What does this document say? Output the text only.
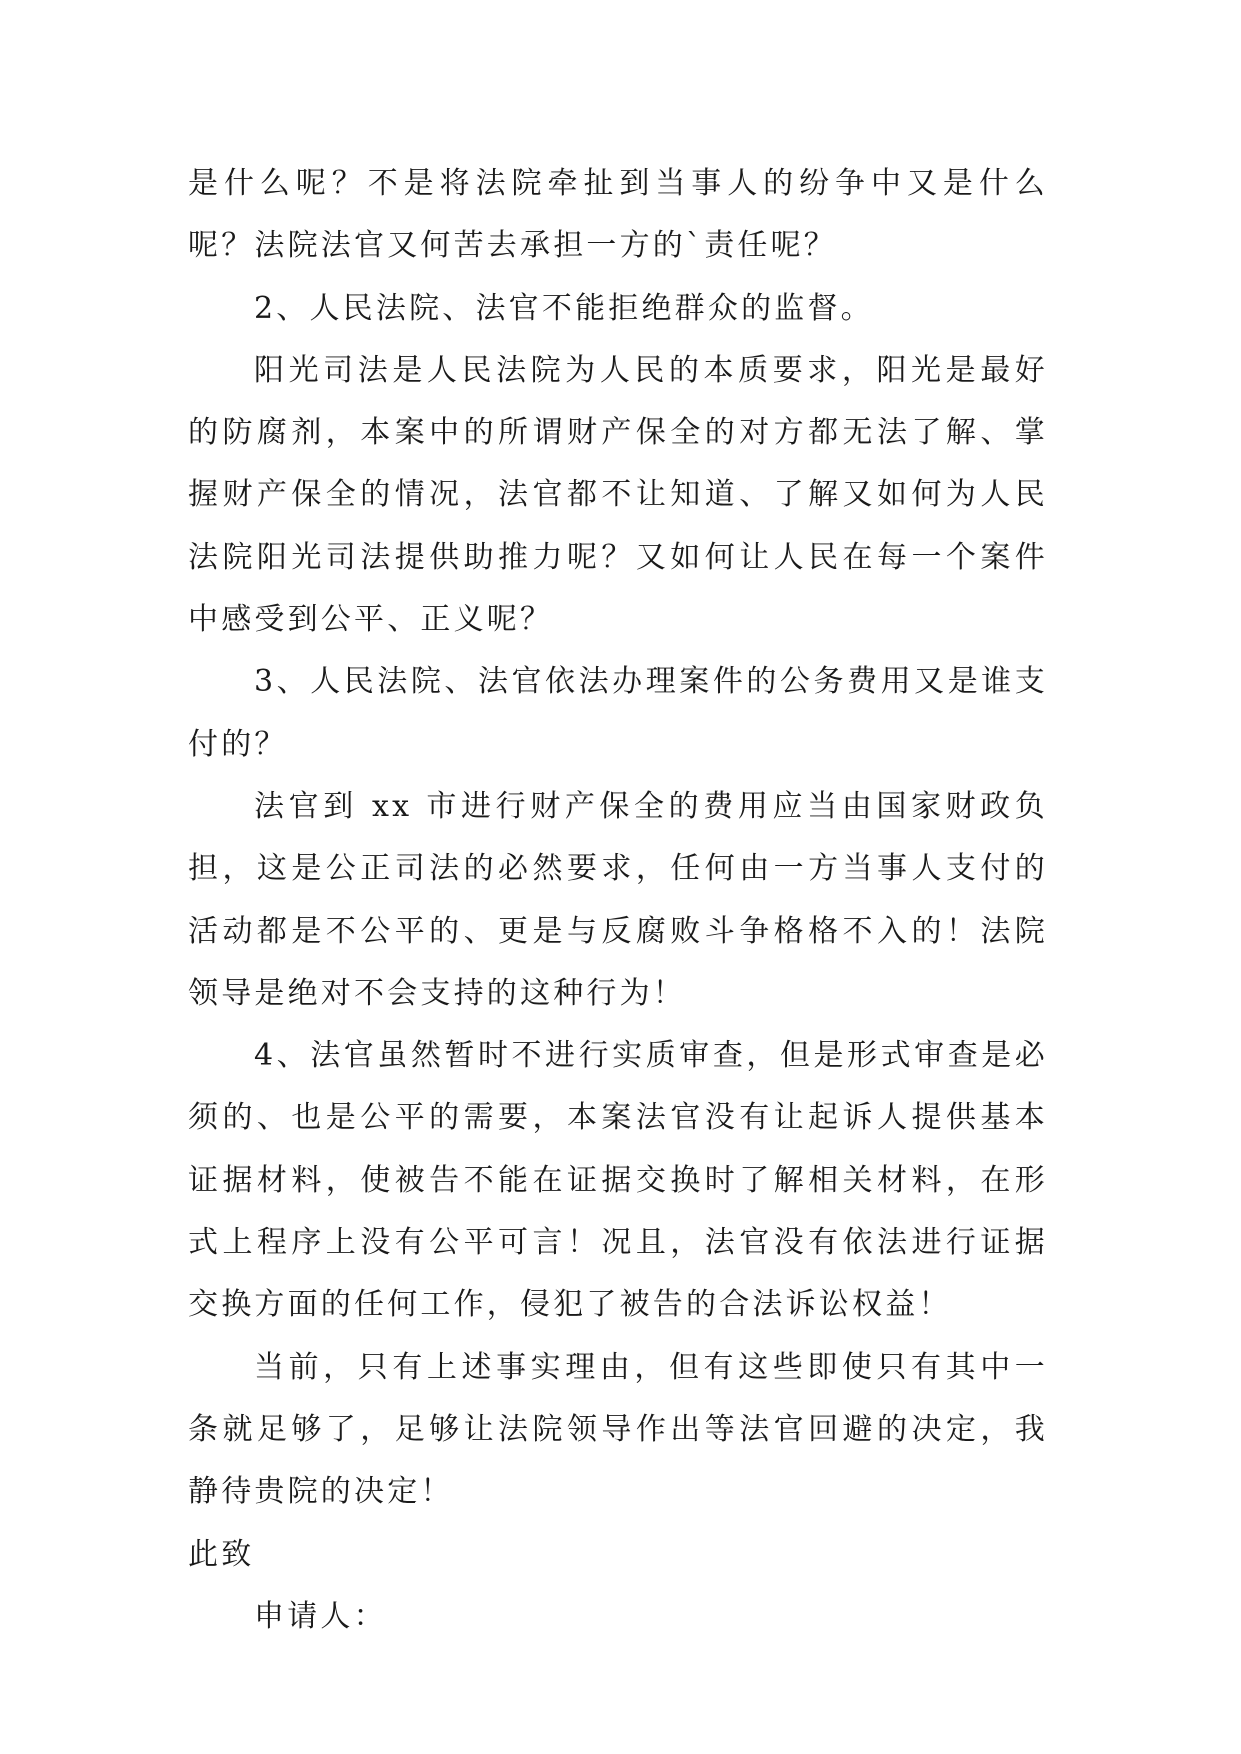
是什么呢？不是将法院牵扯到当事人的纷争中又是什么呢？法院法官又何苦去承担一方的`责任呢？

2、人民法院、法官不能拒绝群众的监督。

阳光司法是人民法院为人民的本质要求，阳光是最好的防腐剂，本案中的所谓财产保全的对方都无法了解、掌握财产保全的情况，法官都不让知道、了解又如何为人民法院阳光司法提供助推力呢？又如何让人民在每一个案件中感受到公平、正义呢？

3、人民法院、法官依法办理案件的公务费用又是谁支付的？

法官到 xx 市进行财产保全的费用应当由国家财政负担，这是公正司法的必然要求，任何由一方当事人支付的活动都是不公平的、更是与反腐败斗争格格不入的！法院领导是绝对不会支持的这种行为！

4、法官虽然暂时不进行实质审查，但是形式审查是必须的、也是公平的需要，本案法官没有让起诉人提供基本证据材料，使被告不能在证据交换时了解相关材料，在形式上程序上没有公平可言！况且，法官没有依法进行证据交换方面的任何工作，侵犯了被告的合法诉讼权益！

当前，只有上述事实理由，但有这些即使只有其中一条就足够了，足够让法院领导作出等法官回避的决定，我静待贵院的决定！

此致

申请人：
